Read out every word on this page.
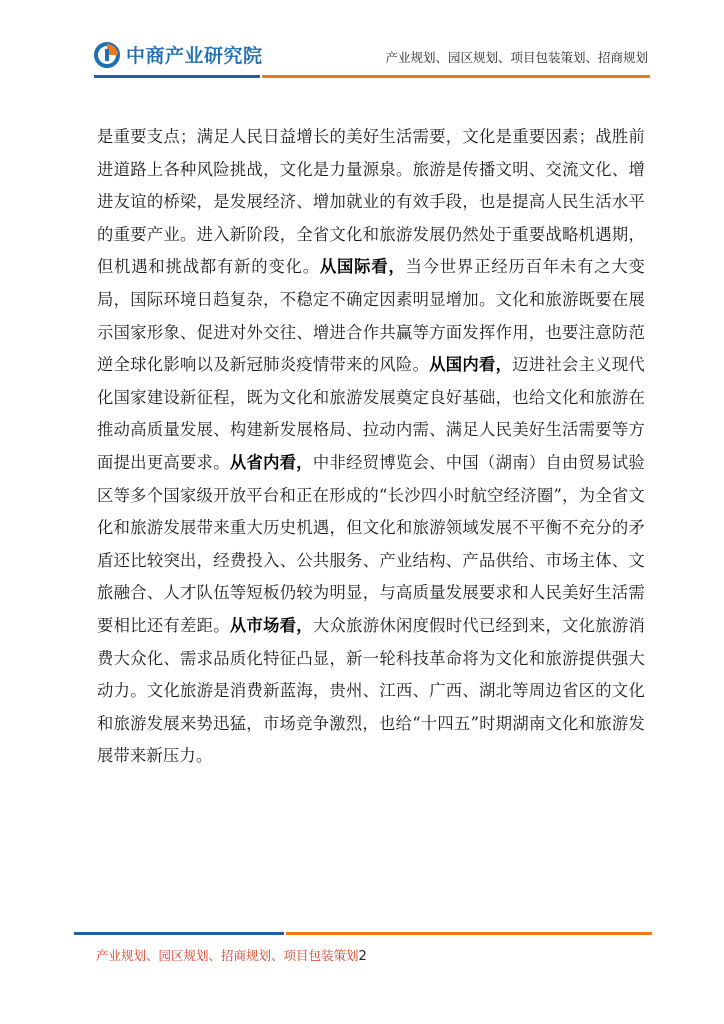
中商产业研究院	产业规划、园区规划、项目包装策划、招商规划

是重要支点；满足人民日益增长的美好生活需要，文化是重要因素；战胜前进道路上各种风险挑战，文化是力量源泉。旅游是传播文明、交流文化、增进友谊的桥梁，是发展经济、增加就业的有效手段，也是提高人民生活水平的重要产业。进入新阶段，全省文化和旅游发展仍然处于重要战略机遇期，但机遇和挑战都有新的变化。从国际看，当今世界正经历百年未有之大变局，国际环境日趋复杂，不稳定不确定因素明显增加。文化和旅游既要在展示国家形象、促进对外交往、增进合作共赢等方面发挥作用，也要注意防范逆全球化影响以及新冠肺炎疫情带来的风险。从国内看，迈进社会主义现代化国家建设新征程，既为文化和旅游发展奠定良好基础，也给文化和旅游在推动高质量发展、构建新发展格局、拉动内需、满足人民美好生活需要等方面提出更高要求。从省内看，中非经贸博览会、中国（湖南）自由贸易试验区等多个国家级开放平台和正在形成的“长沙四小时航空经济圈”，为全省文化和旅游发展带来重大历史机遇，但文化和旅游领域发展不平衡不充分的矛盾还比较突出，经费投入、公共服务、产业结构、产品供给、市场主体、文旅融合、人才队伍等短板仍较为明显，与高质量发展要求和人民美好生活需要相比还有差距。从市场看，大众旅游休闲度假时代已经到来，文化旅游消费大众化、需求品质化特征凸显，新一轮科技革命将为文化和旅游提供强大动力。文化旅游是消费新蓝海，贵州、江西、广西、湖北等周边省区的文化和旅游发展来势迅猛，市场竞争激烈，也给“十四五”时期湖南文化和旅游发展带来新压力。

产业规划、园区规划、招商规划、项目包装策划2
